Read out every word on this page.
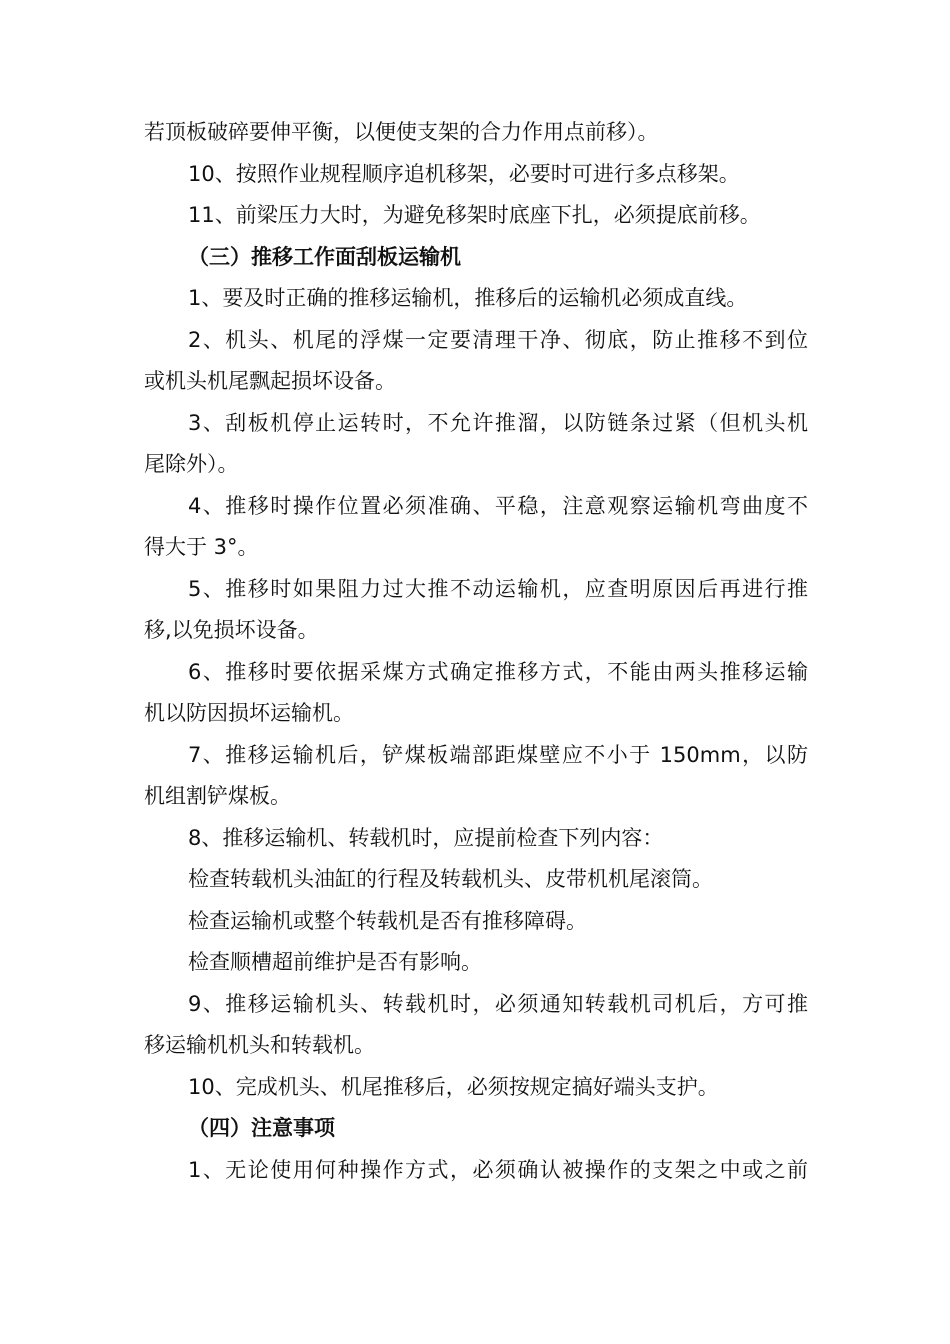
若顶板破碎要伸平衡，以便使支架的合力作用点前移）。
10、按照作业规程顺序追机移架，必要时可进行多点移架。
11、前梁压力大时，为避免移架时底座下扎，必须提底前移。
（三）推移工作面刮板运输机
1、要及时正确的推移运输机，推移后的运输机必须成直线。
2、机头、机尾的浮煤一定要清理干净、彻底，防止推移不到位
或机头机尾飘起损坏设备。
3、刮板机停止运转时，不允许推溜，以防链条过紧（但机头机
尾除外）。
4、推移时操作位置必须准确、平稳，注意观察运输机弯曲度不
得大于 3°。
5、推移时如果阻力过大推不动运输机，应查明原因后再进行推
移,以免损坏设备。
6、推移时要依据采煤方式确定推移方式，不能由两头推移运输
机以防因损坏运输机。
7、推移运输机后，铲煤板端部距煤壁应不小于 150mm，以防
机组割铲煤板。
8、推移运输机、转载机时，应提前检查下列内容：
检查转载机头油缸的行程及转载机头、皮带机机尾滚筒。
检查运输机或整个转载机是否有推移障碍。
检查顺槽超前维护是否有影响。
9、推移运输机头、转载机时，必须通知转载机司机后，方可推
移运输机机头和转载机。
10、完成机头、机尾推移后，必须按规定搞好端头支护。
（四）注意事项
1、无论使用何种操作方式，必须确认被操作的支架之中或之前
